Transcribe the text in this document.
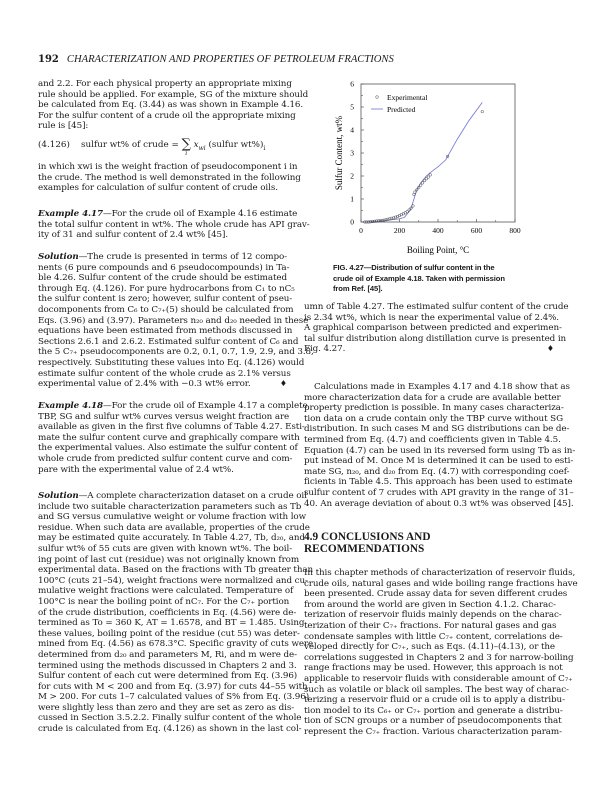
192 CHARACTERIZATION AND PROPERTIES OF PETROLEUM FRACTIONS
and 2.2. For each physical property an appropriate mixing
rule should be applied. For example, SG of the mixture should
be calculated from Eq. (3.44) as was shown in Example 4.16.
For the sulfur content of a crude oil the appropriate mixing
rule is [45]:
(4.126) sulfur wt% of crude = ∑
i $x_{wi}$ (sulfur $wt\%)_i$
in which xwi is the weight fraction of pseudocomponent i in
the crude. The method is well demonstrated in the following
examples for calculation of sulfur content of crude oils.
Example 4.17—For the crude oil of Example 4.16 estimate
the total sulfur content in wt%. The whole crude has API grav-
ity of 31 and sulfur content of 2.4 wt% [45].
Solution—The crude is presented in terms of 12 compo-
nents (6 pure compounds and 6 pseudocompounds) in Ta-
ble 4.26. Sulfur content of the crude should be estimated
through Eq. (4.126). For pure hydrocarbons from C₁ to nC₅
the sulfur content is zero; however, sulfur content of pseu-
docomponents from C₆ to C₇₊(5) should be calculated from
Eqs. (3.96) and (3.97). Parameters n₂₀ and d₂₀ needed in these
equations have been estimated from methods discussed in
Sections 2.6.1 and 2.6.2. Estimated sulfur content of C₆ and
the 5 C₇₊ pseudocomponents are 0.2, 0.1, 0.7, 1.9, 2.9, and 3.8,
respectively. Substituting these values into Eq. (4.126) would
estimate sulfur content of the whole crude as 2.1% versus
experimental value of 2.4% with −0.3 wt% error.
♦
Example 4.18—For the crude oil of Example 4.17 a complete
TBP, SG and sulfur wt% curves versus weight fraction are
available as given in the first five columns of Table 4.27. Esti-
mate the sulfur content curve and graphically compare with
the experimental values. Also estimate the sulfur content of
whole crude from predicted sulfur content curve and com-
pare with the experimental value of 2.4 wt%.
Solution—A complete characterization dataset on a crude oil
include two suitable characterization parameters such as Tb
and SG versus cumulative weight or volume fraction with low
residue. When such data are available, properties of the crude
may be estimated quite accurately. In Table 4.27, Tb, d₂₀, and
sulfur wt% of 55 cuts are given with known wt%. The boil-
ing point of last cut (residue) was not originally known from
experimental data. Based on the fractions with Tb greater than
100°C (cuts 21–54), weight fractions were normalized and cu-
mulative weight fractions were calculated. Temperature of
100°C is near the boiling point of nC₇. For the C₇₊ portion
of the crude distribution, coefficients in Eq. (4.56) were de-
termined as To = 360 K, AT = 1.6578, and BT = 1.485. Using
these values, boiling point of the residue (cut 55) was deter-
mined from Eq. (4.56) as 678.3°C. Specific gravity of cuts were
determined from d₂₀ and parameters M, Ri, and m were de-
termined using the methods discussed in Chapters 2 and 3.
Sulfur content of each cut were determined from Eq. (3.96)
for cuts with M < 200 and from Eq. (3.97) for cuts 44–55 with
M > 200. For cuts 1–7 calculated values of S% from Eq. (3.96)
were slightly less than zero and they are set as zero as dis-
cussed in Section 3.5.2.2. Finally sulfur content of the whole
crude is calculated from Eq. (4.126) as shown in the last col-
0	200	400	600	800
0
1
2
3
4
5
6
Boiling Point, °C
Sulfur Content, wt%
Experimental
Predicted
FIG. 4.27—Distribution of sulfur content in the
crude oil of Example 4.18. Taken with permission
from Ref. [45].
umn of Table 4.27. The estimated sulfur content of the crude
is 2.34 wt%, which is near the experimental value of 2.4%.
A graphical comparison between predicted and experimen-
tal sulfur distribution along distillation curve is presented in
Fig. 4.27.
♦
Calculations made in Examples 4.17 and 4.18 show that as
more characterization data for a crude are available better
property prediction is possible. In many cases characteriza-
tion data on a crude contain only the TBP curve without SG
distribution. In such cases M and SG distributions can be de-
termined from Eq. (4.7) and coefficients given in Table 4.5.
Equation (4.7) can be used in its reversed form using Tb as in-
put instead of M. Once M is determined it can be used to esti-
mate SG, n₂₀, and d₂₀ from Eq. (4.7) with corresponding coef-
ficients in Table 4.5. This approach has been used to estimate
sulfur content of 7 crudes with API gravity in the range of 31–
40. An average deviation of about 0.3 wt% was observed [45].
4.9 CONCLUSIONS AND
RECOMMENDATIONS
In this chapter methods of characterization of reservoir fluids,
crude oils, natural gases and wide boiling range fractions have
been presented. Crude assay data for seven different crudes
from around the world are given in Section 4.1.2. Charac-
terization of reservoir fluids mainly depends on the charac-
terization of their C₇₊ fractions. For natural gases and gas
condensate samples with little C₇₊ content, correlations de-
veloped directly for C₇₊, such as Eqs. (4.11)–(4.13), or the
correlations suggested in Chapters 2 and 3 for narrow-boiling
range fractions may be used. However, this approach is not
applicable to reservoir fluids with considerable amount of C₇₊
such as volatile or black oil samples. The best way of charac-
terizing a reservoir fluid or a crude oil is to apply a distribu-
tion model to its C₆₊ or C₇₊ portion and generate a distribu-
tion of SCN groups or a number of pseudocomponents that
represent the C₇₊ fraction. Various characterization param-
